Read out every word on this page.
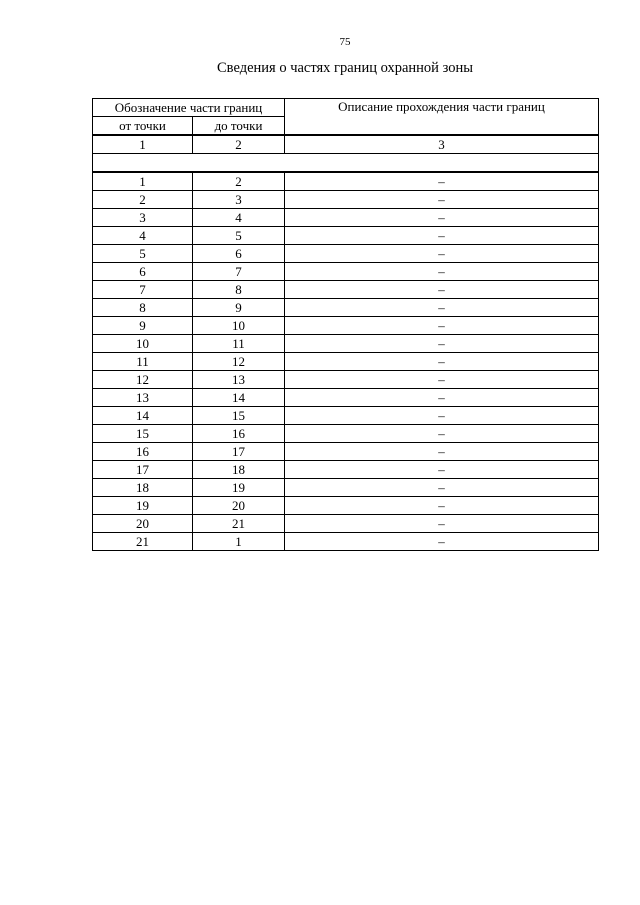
75
Сведения о частях границ охранной зоны
Обозначение части границ		Описание прохождения части границ
от точки	до точки	
1	2	3

1	2	–
2	3	–
3	4	–
4	5	–
5	6	–
6	7	–
7	8	–
8	9	–
9	10	–
10	11	–
11	12	–
12	13	–
13	14	–
14	15	–
15	16	–
16	17	–
17	18	–
18	19	–
19	20	–
20	21	–
21	1	–
